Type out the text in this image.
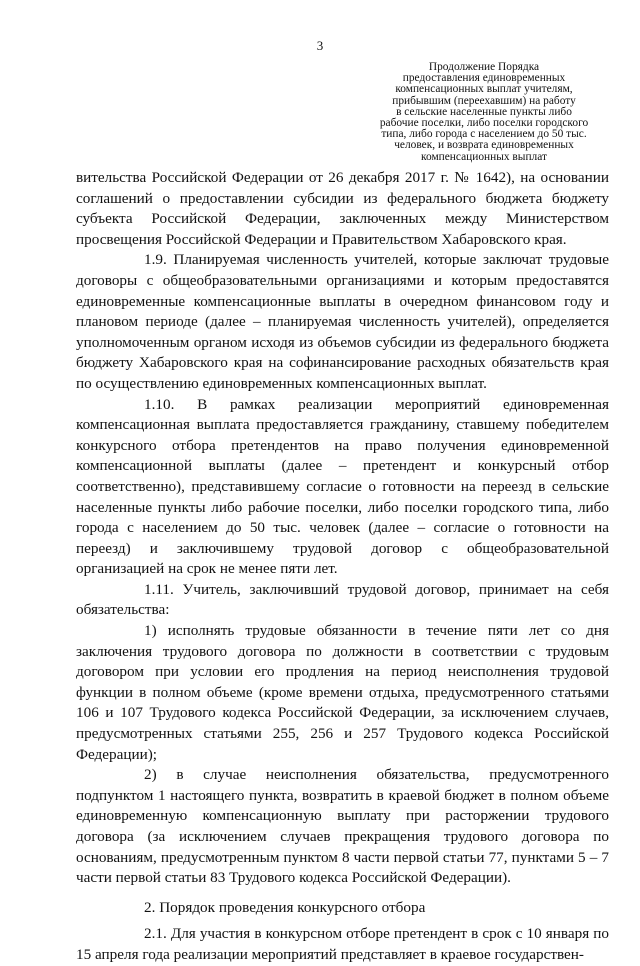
3
Продолжение Порядка
предоставления единовременных
компенсационных выплат учителям,
прибывшим (переехавшим) на работу
в сельские населенные пункты либо
рабочие поселки, либо поселки городского
типа, либо города с населением до 50 тыс.
человек, и возврата единовременных
компенсационных выплат

вительства Российской Федерации от 26 декабря 2017 г. № 1642), на основании соглашений о предоставлении субсидии из федерального бюджета бюджету субъекта Российской Федерации, заключенных между Министерством просвещения Российской Федерации и Правительством Хабаровского края.

1.9. Планируемая численность учителей, которые заключат трудовые договоры с общеобразовательными организациями и которым предоставятся единовременные компенсационные выплаты в очередном финансовом году и плановом периоде (далее – планируемая численность учителей), определяется уполномоченным органом исходя из объемов субсидии из федерального бюджета бюджету Хабаровского края на софинансирование расходных обязательств края по осуществлению единовременных компенсационных выплат.

1.10. В рамках реализации мероприятий единовременная компенсационная выплата предоставляется гражданину, ставшему победителем конкурсного отбора претендентов на право получения единовременной компенсационной выплаты (далее – претендент и конкурсный отбор соответственно), представившему согласие о готовности на переезд в сельские населенные пункты либо рабочие поселки, либо поселки городского типа, либо города с населением до 50 тыс. человек (далее – согласие о готовности на переезд) и заключившему трудовой договор с общеобразовательной организацией на срок не менее пяти лет.

1.11. Учитель, заключивший трудовой договор, принимает на себя обязательства:

1) исполнять трудовые обязанности в течение пяти лет со дня заключения трудового договора по должности в соответствии с трудовым договором при условии его продления на период неисполнения трудовой функции в полном объеме (кроме времени отдыха, предусмотренного статьями 106 и 107 Трудового кодекса Российской Федерации, за исключением случаев, предусмотренных статьями 255, 256 и 257 Трудового кодекса Российской Федерации);

2) в случае неисполнения обязательства, предусмотренного подпунктом 1 настоящего пункта, возвратить в краевой бюджет в полном объеме единовременную компенсационную выплату при расторжении трудового договора (за исключением случаев прекращения трудового договора по основаниям, предусмотренным пунктом 8 части первой статьи 77, пунктами 5 – 7 части первой статьи 83 Трудового кодекса Российской Федерации).

2. Порядок проведения конкурсного отбора

2.1. Для участия в конкурсном отборе претендент в срок с 10 января по 15 апреля года реализации мероприятий представляет в краевое государствен-
